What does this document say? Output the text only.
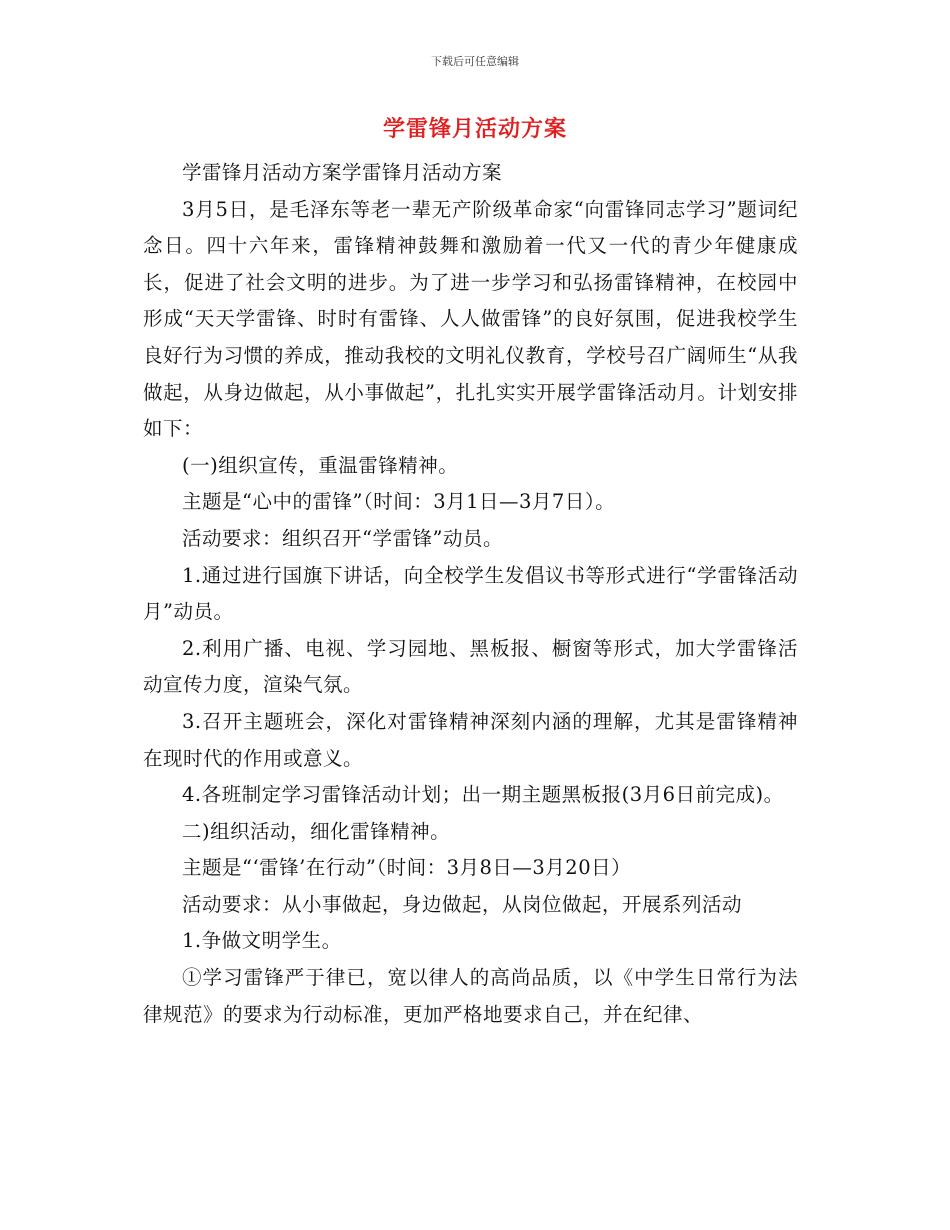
下载后可任意编辑
学雷锋月活动方案

学雷锋月活动方案学雷锋月活动方案

3月5日，是毛泽东等老一辈无产阶级革命家“向雷锋同志学习”题词纪念日。四十六年来，雷锋精神鼓舞和激励着一代又一代的青少年健康成长，促进了社会文明的进步。为了进一步学习和弘扬雷锋精神，在校园中形成“天天学雷锋、时时有雷锋、人人做雷锋”的良好氛围，促进我校学生良好行为习惯的养成，推动我校的文明礼仪教育，学校号召广阔师生“从我做起，从身边做起，从小事做起”，扎扎实实开展学雷锋活动月。计划安排如下：

(一)组织宣传，重温雷锋精神。

主题是“心中的雷锋”（时间：3月1日—3月7日）。

活动要求：组织召开“学雷锋”动员。

1.通过进行国旗下讲话，向全校学生发倡议书等形式进行“学雷锋活动月”动员。

2.利用广播、电视、学习园地、黑板报、橱窗等形式，加大学雷锋活动宣传力度，渲染气氛。

3.召开主题班会，深化对雷锋精神深刻内涵的理解，尤其是雷锋精神在现时代的作用或意义。

4.各班制定学习雷锋活动计划；出一期主题黑板报(3月6日前完成)。

二)组织活动，细化雷锋精神。

主题是“‘雷锋’在行动”（时间：3月8日—3月20日）

活动要求：从小事做起，身边做起，从岗位做起，开展系列活动

1.争做文明学生。

①学习雷锋严于律已，宽以律人的高尚品质，以《中学生日常行为法律规范》的要求为行动标准，更加严格地要求自己，并在纪律、
